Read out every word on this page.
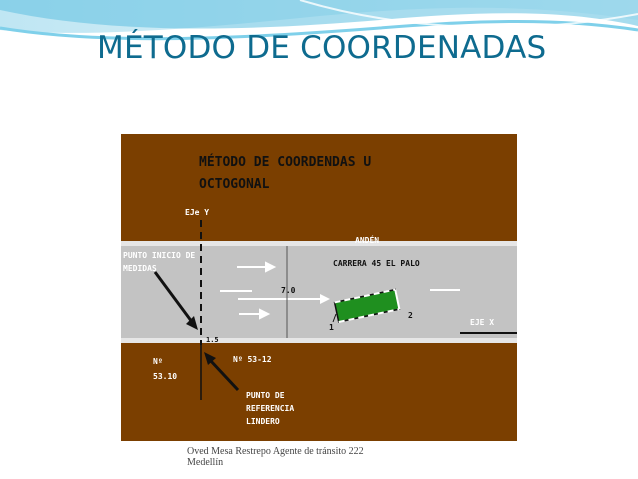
MÉTODO DE COORDENADAS
MÉTODO DE COORDENDAS U
OCTOGONAL
EJe Y
ANDÉN
CARRERA 45 EL PALO
PUNTO INICIO DE
MEDIDAS
7.0
1.5
1
2
EJE X
Nº
53.10
Nº 53-12
PUNTO DE
REFERENCIA
LINDERO
Oved Mesa Restrepo Agente de tránsito 222
Medellín
